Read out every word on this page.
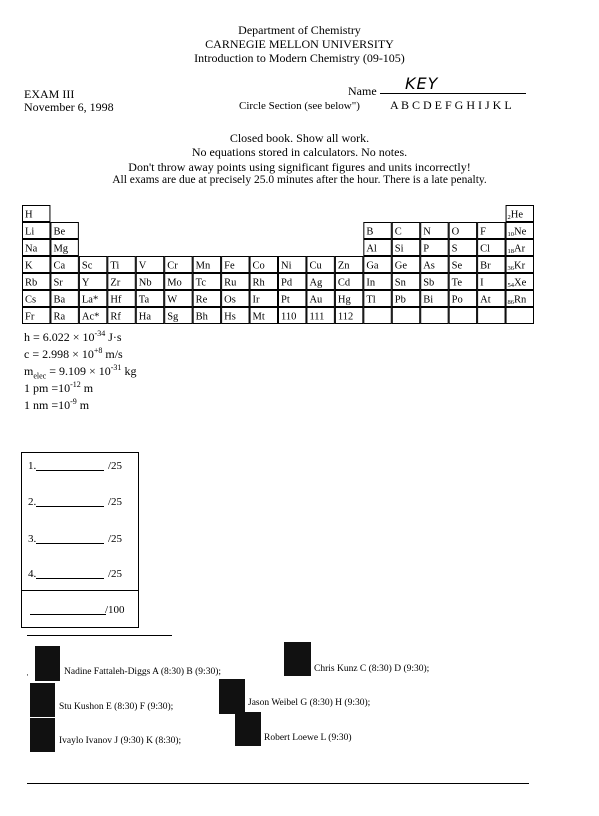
Department of Chemistry
CARNEGIE MELLON UNIVERSITY
Introduction to Modern Chemistry (09-105)
EXAM III
November 6, 1998
Name KEY
Circle Section (see below")	A B C D E F G H I J K L
Closed book. Show all work.
No equations stored in calculators. No notes.
Don't throw away points using significant figures and units incorrectly!
All exams are due at precisely 25.0 minutes after the hour. There is a late penalty.
H	2He
Li Be	B C N O F	10Ne
Na Mg	Al Si P S Cl	18Ar
K Ca Sc Ti V Cr Mn Fe Co Ni Cu Zn Ga Ge As Se Br	36Kr
Rb Sr Y Zr Nb Mo Tc Ru Rh Pd Ag Cd In Sn Sb Te I	54Xe
Cs Ba La* Hf Ta W Re Os Ir Pt Au Hg Tl Pb Bi Po At	86Rn
Fr Ra Ac* Rf Ha Sg Bh Hs Mt 110 111 112
$h = 6.022 \times 10^{-34}$ J·s
$c = 2.998 \times 10^{+8}$ m/s
$m_{elec} = 9.109 \times 10^{-31}$ kg
1 pm $=10^{-12}$ m
1 nm $=10^{-9}$ m
1.	/25
2.	/25
3.	/25
4.	/25
/100
·	Nadine Fattaleh-Diggs A (8:30) B (9:30);	Chris Kunz C (8:30) D (9:30);
Stu Kushon E (8:30) F (9:30);	Jason Weibel G (8:30) H (9:30);
Ivaylo Ivanov J (9:30) K (8:30);	Robert Loewe L (9:30)
